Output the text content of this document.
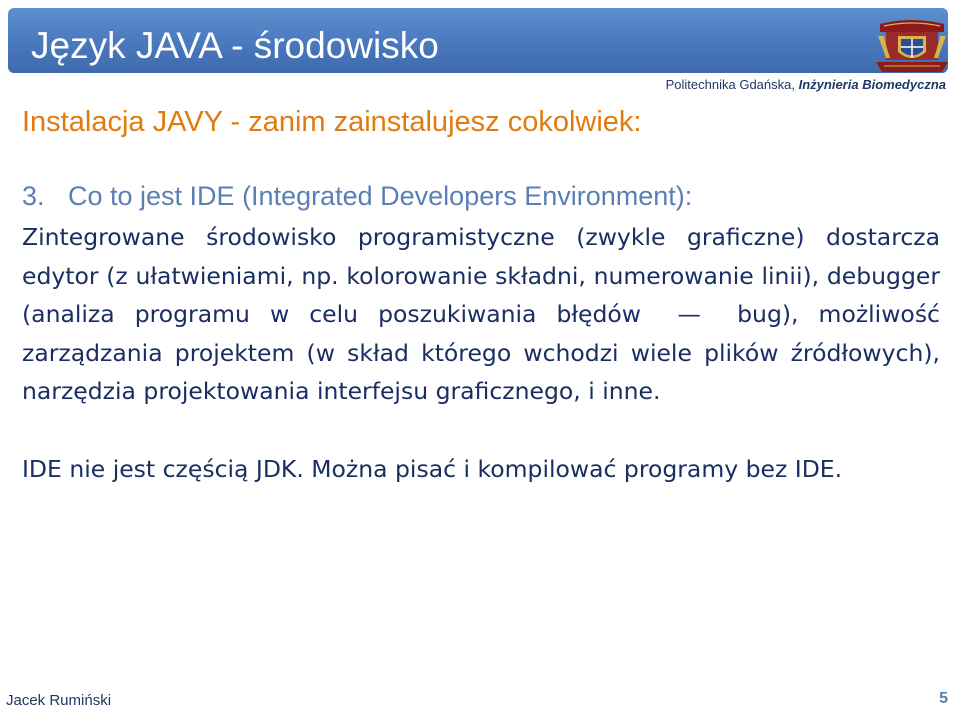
Język JAVA - środowisko
Politechnika Gdańska, Inżynieria Biomedyczna
Instalacja JAVY - zanim zainstalujesz cokolwiek:
3. Co to jest IDE (Integrated Developers Environment):

Zintegrowane środowisko programistyczne (zwykle graficzne) dostarcza edytor (z ułatwieniami, np. kolorowanie składni, numerowanie linii), debugger (analiza programu w celu poszukiwania błędów — bug), możliwość zarządzania projektem (w skład którego wchodzi wiele plików źródłowych), narzędzia projektowania interfejsu graficznego, i inne.

IDE nie jest częścią JDK. Można pisać i kompilować programy bez IDE.

Jacek Rumiński	5
